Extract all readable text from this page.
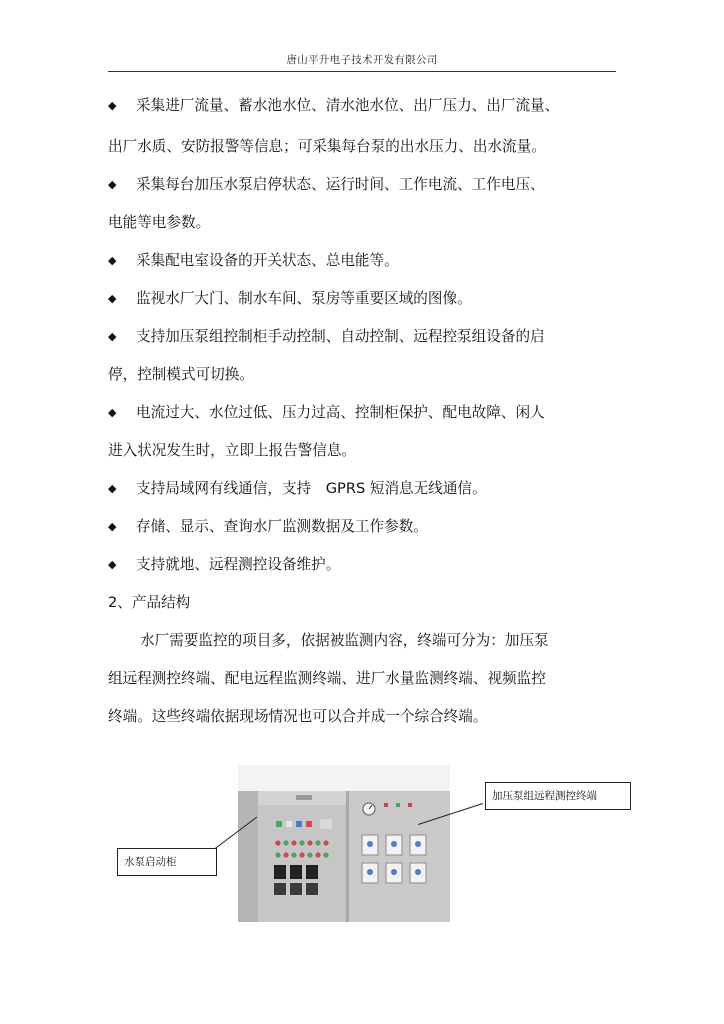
唐山平升电子技术开发有限公司
◆	采集进厂流量、蓄水池水位、清水池水位、出厂压力、出厂流量、
出厂水质、安防报警等信息；可采集每台泵的出水压力、出水流量。
◆	采集每台加压水泵启停状态、运行时间、工作电流、工作电压、
电能等电参数。
◆	采集配电室设备的开关状态、总电能等。
◆	监视水厂大门、制水车间、泵房等重要区域的图像。
◆	支持加压泵组控制柜手动控制、自动控制、远程控泵组设备的启
停，控制模式可切换。
◆	电流过大、水位过低、压力过高、控制柜保护、配电故障、闲人
进入状况发生时，立即上报告警信息。
◆	支持局域网有线通信，支持　GPRS 短消息无线通信。
◆	存储、显示、查询水厂监测数据及工作参数。
◆	支持就地、远程测控设备维护。
2、产品结构
水厂需要监控的项目多，依据被监测内容，终端可分为：加压泵
组远程测控终端、配电远程监测终端、进厂水量监测终端、视频监控
终端。这些终端依据现场情况也可以合并成一个综合终端。
加压泵组远程测控终端
水泵启动柜
